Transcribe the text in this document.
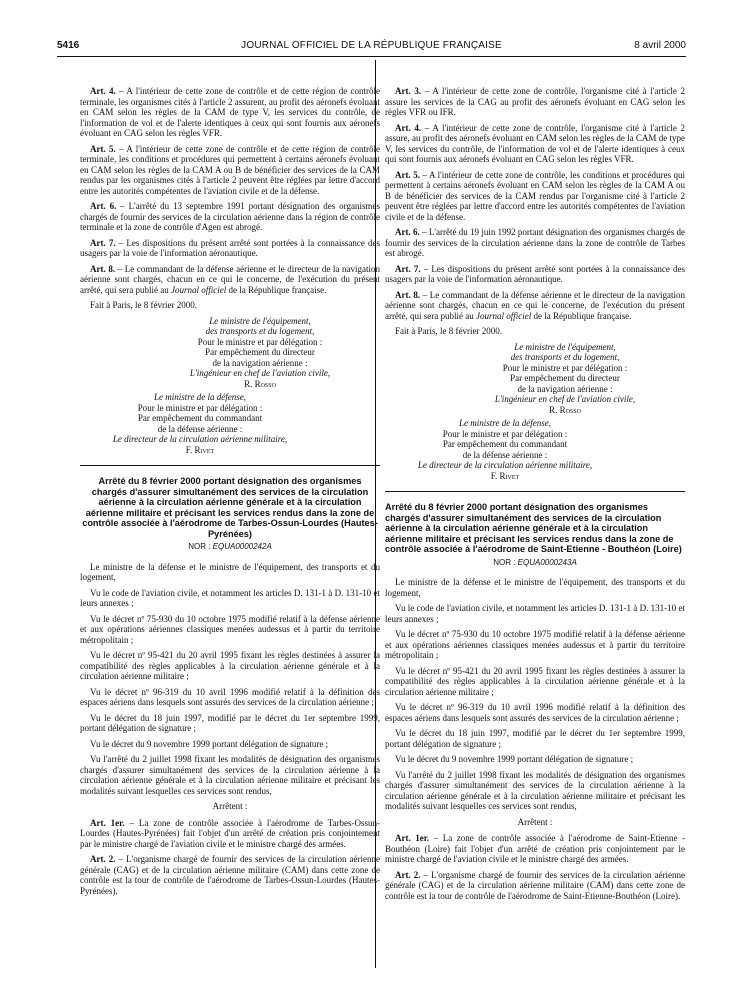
5416	JOURNAL OFFICIEL DE LA RÉPUBLIQUE FRANÇAISE	8 avril 2000

Art. 4. – A l'intérieur de cette zone de contrôle et de cette région de contrôle terminale, les organismes cités à l'article 2 assurent, au profit des aéronefs évoluant en CAM selon les règles de la CAM de type V, les services du contrôle, de l'information de vol et de l'alerte identiques à ceux qui sont fournis aux aéronefs évoluant en CAG selon les règles VFR.

Art. 5. – A l'intérieur de cette zone de contrôle et de cette région de contrôle terminale, les conditions et procédures qui permettent à certains aéronefs évoluant en CAM selon les règles de la CAM A ou B de bénéficier des services de la CAM rendus par les organismes cités à l'article 2 peuvent être réglées par lettre d'accord entre les autorités compétentes de l'aviation civile et de la défense.

Art. 6. – L'arrêté du 13 septembre 1991 portant désignation des organismes chargés de fournir des services de la circulation aérienne dans la région de contrôle terminale et la zone de contrôle d'Agen est abrogé.

Art. 7. – Les dispositions du présent arrêté sont portées à la connaissance des usagers par la voie de l'information aéronautique.

Art. 8. – Le commandant de la défense aérienne et le directeur de la navigation aérienne sont chargés, chacun en ce qui le concerne, de l'exécution du présent arrêté, qui sera publié au Journal officiel de la République française.

Fait à Paris, le 8 février 2000.

Le ministre de l'équipement,
des transports et du logement,
Pour le ministre et par délégation :
Par empêchement du directeur
de la navigation aérienne :
L'ingénieur en chef de l'aviation civile,
R. Rosso
Le ministre de la défense,
Pour le ministre et par délégation :
Par empêchement du commandant
de la défense aérienne :
Le directeur de la circulation aérienne militaire,
F. Rivet
Arrêté du 8 février 2000 portant désignation des organismes chargés d'assurer simultanément des services de la circulation aérienne à la circulation aérienne générale et à la circulation aérienne militaire et précisant les services rendus dans la zone de contrôle associée à l'aérodrome de Tarbes-Ossun-Lourdes (Hautes-Pyrénées)
NOR : EQUA0000242A

Le ministre de la défense et le ministre de l'équipement, des transports et du logement,

Vu le code de l'aviation civile, et notamment les articles D. 131-1 à D. 131-10 et leurs annexes ;

Vu le décret nº 75-930 du 10 octobre 1975 modifié relatif à la défense aérienne et aux opérations aériennes classiques menées audessus et à partir du territoire métropolitain ;

Vu le décret nº 95-421 du 20 avril 1995 fixant les règles destinées à assurer la compatibilité des règles applicables à la circulation aérienne générale et à la circulation aérienne militaire ;

Vu le décret nº 96-319 du 10 avril 1996 modifié relatif à la définition des espaces aériens dans lesquels sont assurés des services de la circulation aérienne ;

Vu le décret du 18 juin 1997, modifié par le décret du 1er septembre 1999, portant délégation de signature ;

Vu le décret du 9 novembre 1999 portant délégation de signature ;

Vu l'arrêté du 2 juillet 1998 fixant les modalités de désignation des organismes chargés d'assurer simultanément des services de la circulation aérienne à la circulation aérienne générale et à la circulation aérienne militaire et précisant les modalités suivant lesquelles ces services sont rendus,

Arrêtent :

Art. 1er. – La zone de contrôle associée à l'aérodrome de Tarbes-Ossun-Lourdes (Hautes-Pyrénées) fait l'objet d'un arrêté de création pris conjointement par le ministre chargé de l'aviation civile et le ministre chargé des armées.

Art. 2. – L'organisme chargé de fournir des services de la circulation aérienne générale (CAG) et de la circulation aérienne militaire (CAM) dans cette zone de contrôle est la tour de contrôle de l'aérodrome de Tarbes-Ossun-Lourdes (Hautes-Pyrénées).

Art. 3. – A l'intérieur de cette zone de contrôle, l'organisme cité à l'article 2 assure les services de la CAG au profit des aéronefs évoluant en CAG selon les règles VFR ou IFR.

Art. 4. – A l'intérieur de cette zone de contrôle, l'organisme cité à l'article 2 assure, au profit des aéronefs évoluant en CAM selon les règles de la CAM de type V, les services du contrôle, de l'information de vol et de l'alerte identiques à ceux qui sont fournis aux aéronefs évoluant en CAG selon les règles VFR.

Art. 5. – A l'intérieur de cette zone de contrôle, les conditions et procédures qui permettent à certains aéronefs évoluant en CAM selon les règles de la CAM A ou B de bénéficier des services de la CAM rendus par l'organisme cité à l'article 2 peuvent être réglées par lettre d'accord entre les autorités compétentes de l'aviation civile et de la défense.

Art. 6. – L'arrêté du 19 juin 1992 portant désignation des organismes chargés de fournir des services de la circulation aérienne dans la zone de contrôle de Tarbes est abrogé.

Art. 7. – Les dispositions du présent arrêté sont portées à la connaissance des usagers par la voie de l'information aéronautique.

Art. 8. – Le commandant de la défense aérienne et le directeur de la navigation aérienne sont chargés, chacun en ce qui le concerne, de l'exécution du présent arrêté, qui sera publié au Journal officiel de la République française.

Fait à Paris, le 8 février 2000.

Le ministre de l'équipement,
des transports et du logement,
Pour le ministre et par délégation :
Par empêchement du directeur
de la navigation aérienne :
L'ingénieur en chef de l'aviation civile,
R. Rosso
Le ministre de la défense,
Pour le ministre et par délégation :
Par empêchement du commandant
de la défense aérienne :
Le directeur de la circulation aérienne militaire,
F. Rivet
Arrêté du 8 février 2000 portant désignation des organismes chargés d'assurer simultanément des services de la circulation aérienne à la circulation aérienne générale et à la circulation aérienne militaire et précisant les services rendus dans la zone de contrôle associée à l'aérodrome de Saint-Etienne - Bouthéon (Loire)
NOR : EQUA0000243A

Le ministre de la défense et le ministre de l'équipement, des transports et du logement,

Vu le code de l'aviation civile, et notamment les articles D. 131-1 à D. 131-10 et leurs annexes ;

Vu le décret nº 75-930 du 10 octobre 1975 modifié relatif à la défense aérienne et aux opérations aériennes classiques menées audessus et à partir du territoire métropolitain ;

Vu le décret nº 95-421 du 20 avril 1995 fixant les règles destinées à assurer la compatibilité des règles applicables à la circulation aérienne générale et à la circulation aérienne militaire ;

Vu le décret nº 96-319 du 10 avril 1996 modifié relatif à la définition des espaces aériens dans lesquels sont assurés des services de la circulation aérienne ;

Vu le décret du 18 juin 1997, modifié par le décret du 1er septembre 1999, portant délégation de signature ;

Vu le décret du 9 novembre 1999 portant délégation de signature ;

Vu l'arrêté du 2 juillet 1998 fixant les modalités de désignation des organismes chargés d'assurer simultanément des services de la circulation aérienne à la circulation aérienne générale et à la circulation aérienne militaire et précisant les modalités suivant lesquelles ces services sont rendus,

Arrêtent :

Art. 1er. – La zone de contrôle associée à l'aérodrome de Saint-Etienne - Bouthéon (Loire) fait l'objet d'un arrêté de création pris conjointement par le ministre chargé de l'aviation civile et le ministre chargé des armées.

Art. 2. – L'organisme chargé de fournir des services de la circulation aérienne générale (CAG) et de la circulation aérienne militaire (CAM) dans cette zone de contrôle est la tour de contrôle de l'aérodrome de Saint-Etienne-Bouthéon (Loire).
